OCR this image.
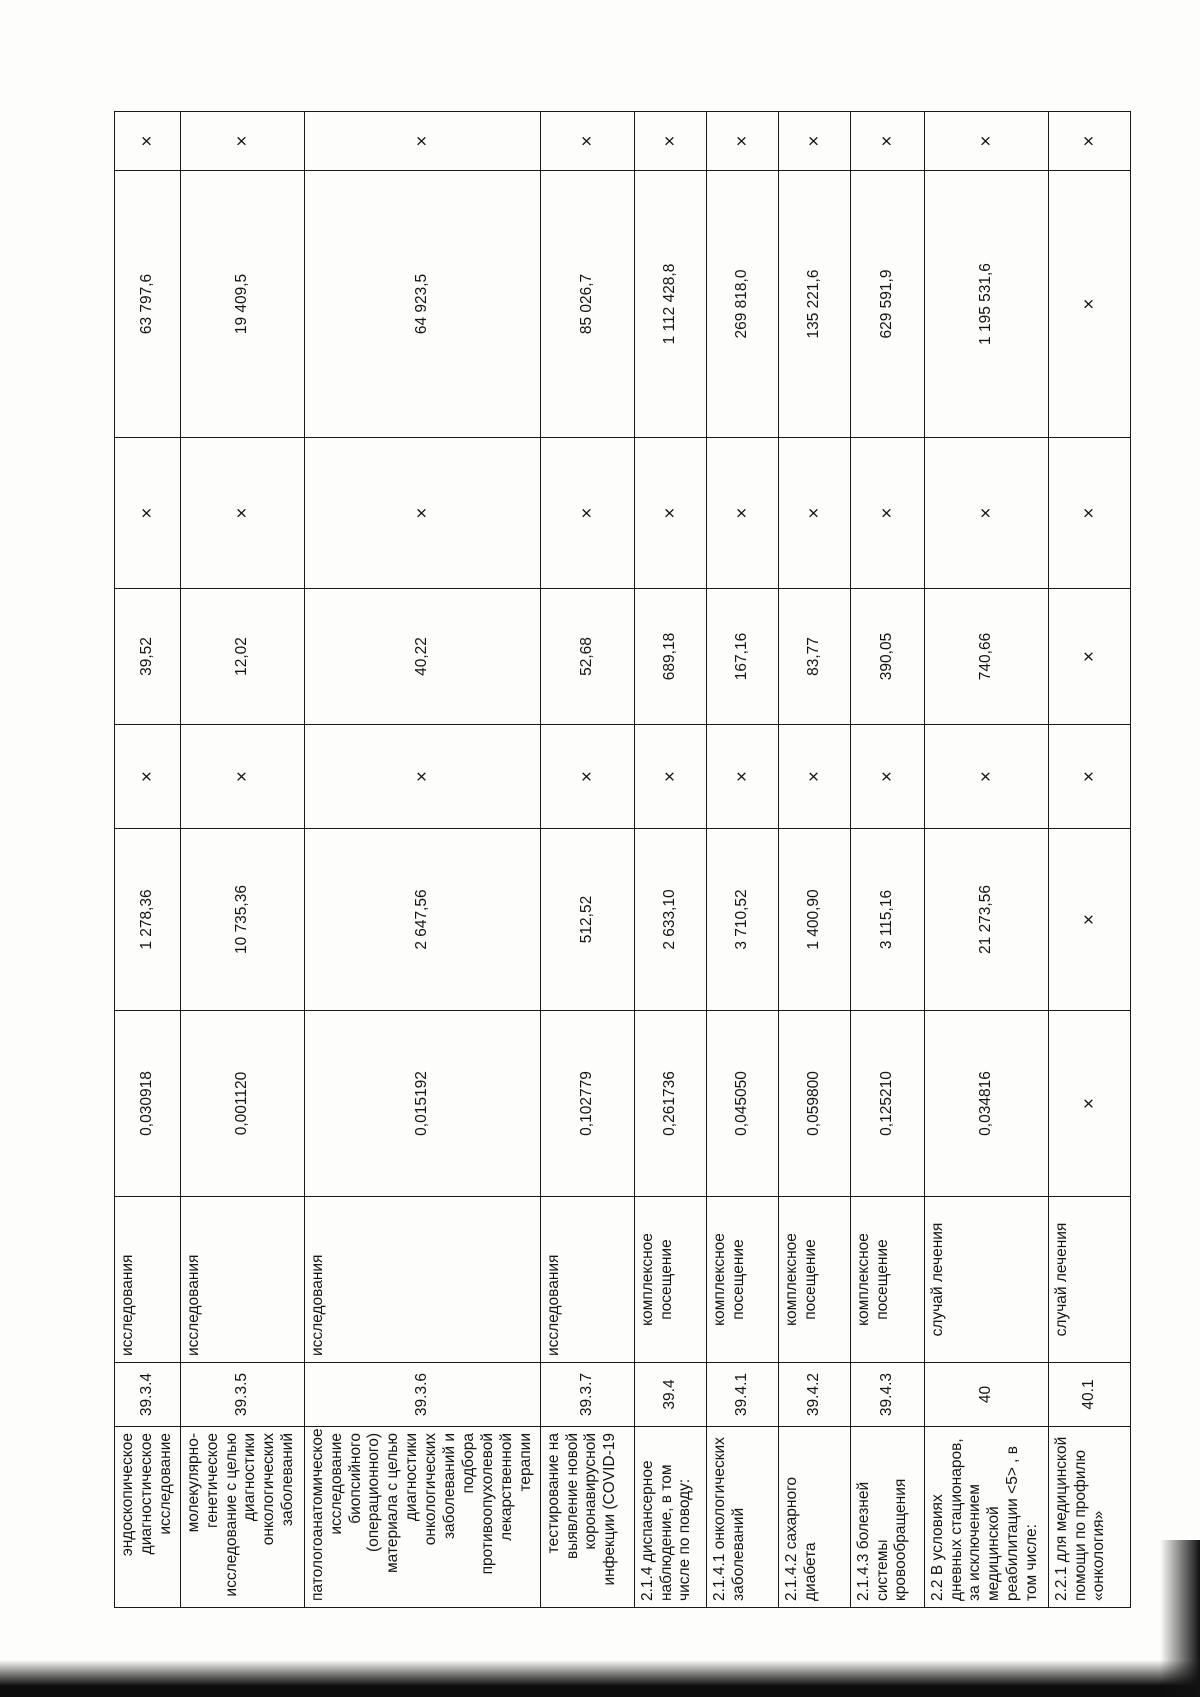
эндоскопическое диагностическое исследование	39.3.4	исследования	0,030918	1 278,36	×	39,52	×	63 797,6	×
молекулярно-генетическое исследование с целью диагностики онкологических заболеваний	39.3.5	исследования	0,001120	10 735,36	×	12,02	×	19 409,5	×
патологоанатомическое исследование биопсийного (операционного) материала с целью диагностики онкологических заболеваний и подбора противоопухолевой лекарственной терапии	39.3.6	исследования	0,015192	2 647,56	×	40,22	×	64 923,5	×
тестирование на выявление новой коронавирусной инфекции (COVID-19	39.3.7	исследования	0,102779	512,52	×	52,68	×	85 026,7	×
2.1.4 диспансерное наблюдение, в том числе по поводу:	39.4	комплексное посещение	0,261736	2 633,10	×	689,18	×	1 112 428,8	×
2.1.4.1 онкологических заболеваний	39.4.1	комплексное посещение	0,045050	3 710,52	×	167,16	×	269 818,0	×
2.1.4.2 сахарного диабета	39.4.2	комплексное посещение	0,059800	1 400,90	×	83,77	×	135 221,6	×
2.1.4.3 болезней системы кровообращения	39.4.3	комплексное посещение	0,125210	3 115,16	×	390,05	×	629 591,9	×
2.2 В условиях дневных стационаров, за исключением медицинской реабилитации <5> , в том числе:	40	случай лечения	0,034816	21 273,56	×	740,66	×	1 195 531,6	×
2.2.1 для медицинской помощи по профилю «онкология»	40.1	случай лечения	×	×	×	×	×	×	×
